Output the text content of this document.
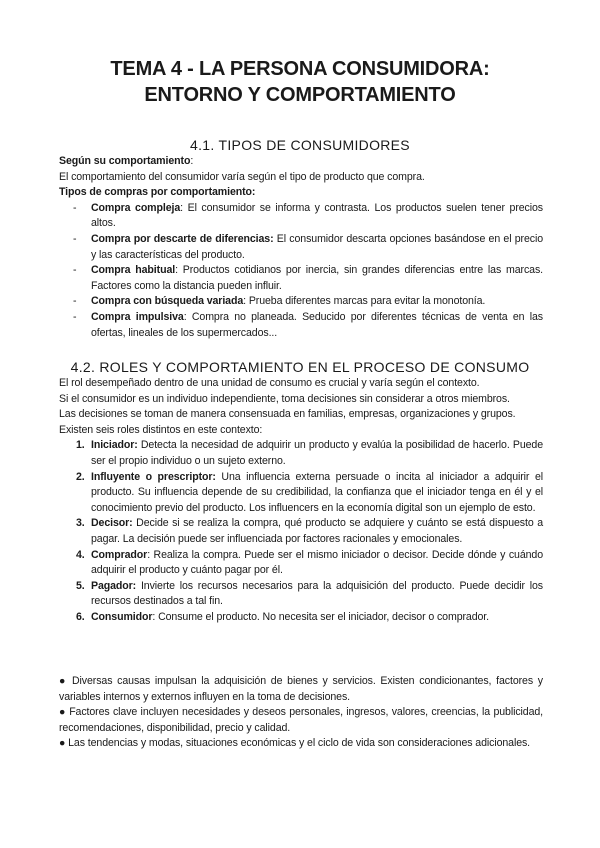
TEMA 4 - LA PERSONA CONSUMIDORA:
ENTORNO Y COMPORTAMIENTO
4.1. TIPOS DE CONSUMIDORES

Según su comportamiento:

El comportamiento del consumidor varía según el tipo de producto que compra.

Tipos de compras por comportamiento:

- Compra compleja: El consumidor se informa y contrasta. Los productos suelen tener precios altos.
- Compra por descarte de diferencias: El consumidor descarta opciones basándose en el precio y las características del producto.
- Compra habitual: Productos cotidianos por inercia, sin grandes diferencias entre las marcas. Factores como la distancia pueden influir.
- Compra con búsqueda variada: Prueba diferentes marcas para evitar la monotonía.
- Compra impulsiva: Compra no planeada. Seducido por diferentes técnicas de venta en las ofertas, lineales de los supermercados...
4.2. ROLES Y COMPORTAMIENTO EN EL PROCESO DE CONSUMO

El rol desempeñado dentro de una unidad de consumo es crucial y varía según el contexto.

Si el consumidor es un individuo independiente, toma decisiones sin considerar a otros miembros.

Las decisiones se toman de manera consensuada en familias, empresas, organizaciones y grupos.

Existen seis roles distintos en este contexto:

1. Iniciador: Detecta la necesidad de adquirir un producto y evalúa la posibilidad de hacerlo. Puede ser el propio individuo o un sujeto externo.
2. Influyente o prescriptor: Una influencia externa persuade o incita al iniciador a adquirir el producto. Su influencia depende de su credibilidad, la confianza que el iniciador tenga en él y el conocimiento previo del producto. Los influencers en la economía digital son un ejemplo de esto.
3. Decisor: Decide si se realiza la compra, qué producto se adquiere y cuánto se está dispuesto a pagar. La decisión puede ser influenciada por factores racionales y emocionales.
4. Comprador: Realiza la compra. Puede ser el mismo iniciador o decisor. Decide dónde y cuándo adquirir el producto y cuánto pagar por él.
5. Pagador: Invierte los recursos necesarios para la adquisición del producto. Puede decidir los recursos destinados a tal fin.
6. Consumidor: Consume el producto. No necesita ser el iniciador, decisor o comprador.

● Diversas causas impulsan la adquisición de bienes y servicios. Existen condicionantes, factores y variables internos y externos influyen en la toma de decisiones.

● Factores clave incluyen necesidades y deseos personales, ingresos, valores, creencias, la publicidad, recomendaciones, disponibilidad, precio y calidad.

● Las tendencias y modas, situaciones económicas y el ciclo de vida son consideraciones adicionales.
